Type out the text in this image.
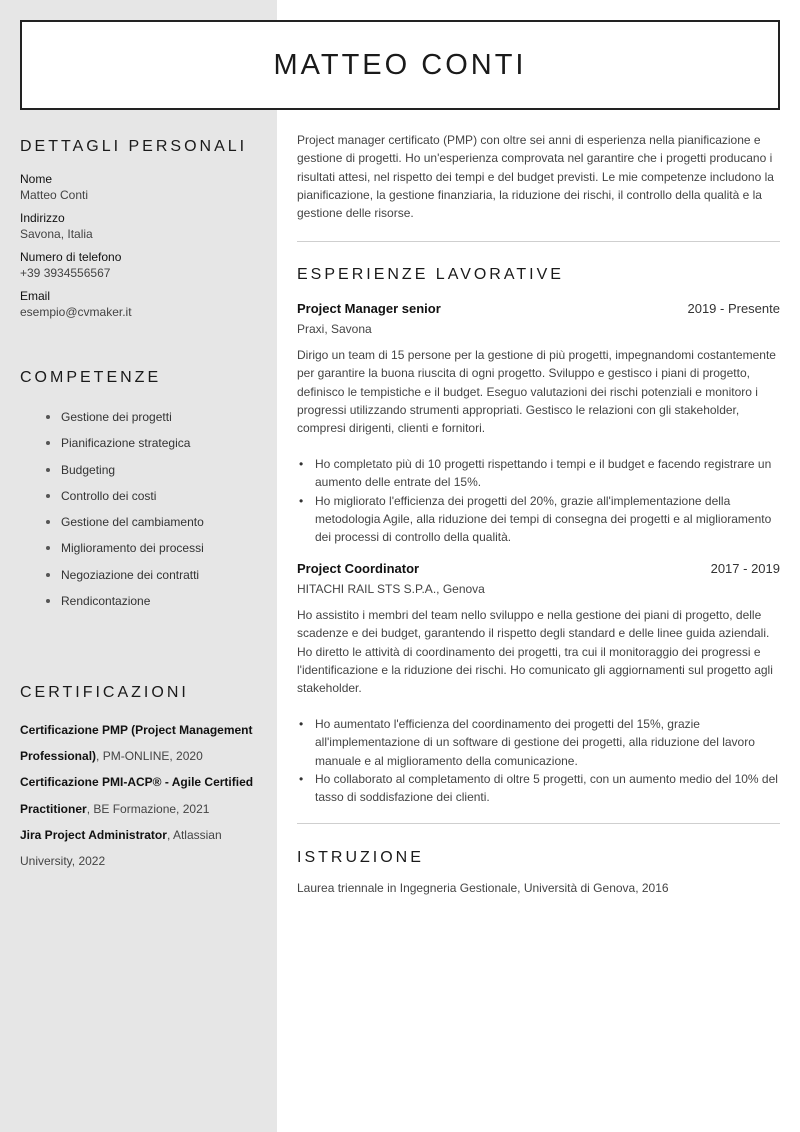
MATTEO CONTI
DETTAGLI PERSONALI
Nome
Matteo Conti
Indirizzo
Savona, Italia
Numero di telefono
+39 3934556567
Email
esempio@cvmaker.it
COMPETENZE
Gestione dei progetti
Pianificazione strategica
Budgeting
Controllo dei costi
Gestione del cambiamento
Miglioramento dei processi
Negoziazione dei contratti
Rendicontazione
CERTIFICAZIONI
Certificazione PMP (Project Management Professional), PM-ONLINE, 2020
Certificazione PMI-ACP® - Agile Certified Practitioner, BE Formazione, 2021
Jira Project Administrator, Atlassian University, 2022
Project manager certificato (PMP) con oltre sei anni di esperienza nella pianificazione e gestione di progetti. Ho un'esperienza comprovata nel garantire che i progetti producano i risultati attesi, nel rispetto dei tempi e del budget previsti. Le mie competenze includono la pianificazione, la gestione finanziaria, la riduzione dei rischi, il controllo della qualità e la gestione delle risorse.
ESPERIENZE LAVORATIVE
Project Manager senior	2019 - Presente
Praxi, Savona
Dirigo un team di 15 persone per la gestione di più progetti, impegnandomi costantemente per garantire la buona riuscita di ogni progetto. Sviluppo e gestisco i piani di progetto, definisco le tempistiche e il budget. Eseguo valutazioni dei rischi potenziali e monitoro i progressi utilizzando strumenti appropriati. Gestisco le relazioni con gli stakeholder, compresi dirigenti, clienti e fornitori.
• Ho completato più di 10 progetti rispettando i tempi e il budget e facendo registrare un aumento delle entrate del 15%.
• Ho migliorato l'efficienza dei progetti del 20%, grazie all'implementazione della metodologia Agile, alla riduzione dei tempi di consegna dei progetti e al miglioramento dei processi di controllo della qualità.
Project Coordinator	2017 - 2019
HITACHI RAIL STS S.P.A., Genova
Ho assistito i membri del team nello sviluppo e nella gestione dei piani di progetto, delle scadenze e dei budget, garantendo il rispetto degli standard e delle linee guida aziendali. Ho diretto le attività di coordinamento dei progetti, tra cui il monitoraggio dei progressi e l'identificazione e la riduzione dei rischi. Ho comunicato gli aggiornamenti sul progetto agli stakeholder.
• Ho aumentato l'efficienza del coordinamento dei progetti del 15%, grazie all'implementazione di un software di gestione dei progetti, alla riduzione del lavoro manuale e al miglioramento della comunicazione.
• Ho collaborato al completamento di oltre 5 progetti, con un aumento medio del 10% del tasso di soddisfazione dei clienti.
ISTRUZIONE
Laurea triennale in Ingegneria Gestionale, Università di Genova, 2016
